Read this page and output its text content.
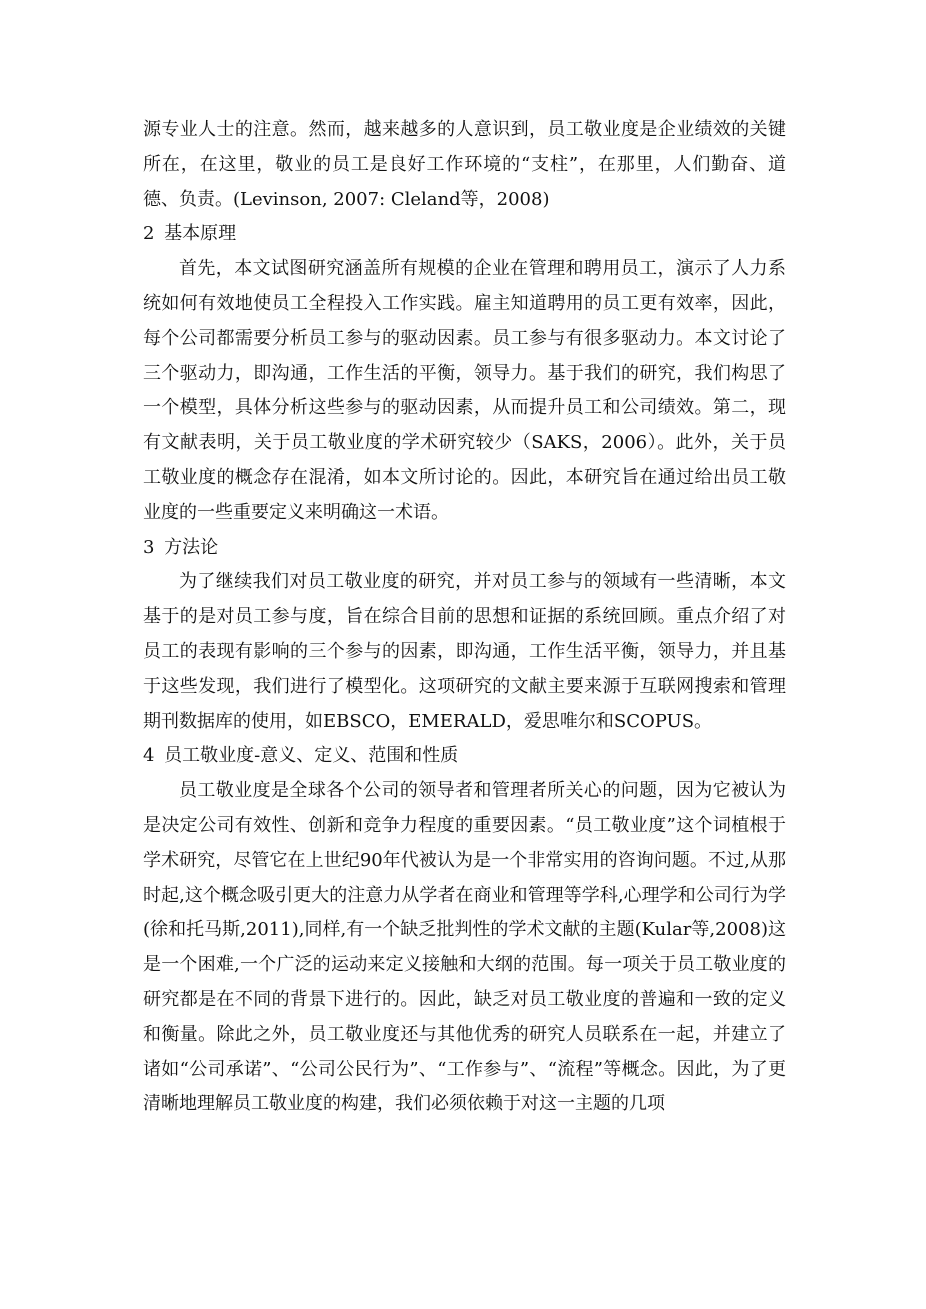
源专业人士的注意。然而，越来越多的人意识到，员工敬业度是企业绩效的关键所在，在这里，敬业的员工是良好工作环境的“支柱”，在那里，人们勤奋、道德、负责。(Levinson, 2007: Cleland等，2008)

2 基本原理

首先，本文试图研究涵盖所有规模的企业在管理和聘用员工，演示了人力系统如何有效地使员工全程投入工作实践。雇主知道聘用的员工更有效率，因此，每个公司都需要分析员工参与的驱动因素。员工参与有很多驱动力。本文讨论了三个驱动力，即沟通，工作生活的平衡，领导力。基于我们的研究，我们构思了一个模型，具体分析这些参与的驱动因素，从而提升员工和公司绩效。第二，现有文献表明，关于员工敬业度的学术研究较少（SAKS，2006）。此外，关于员工敬业度的概念存在混淆，如本文所讨论的。因此，本研究旨在通过给出员工敬业度的一些重要定义来明确这一术语。

3 方法论

为了继续我们对员工敬业度的研究，并对员工参与的领域有一些清晰，本文基于的是对员工参与度，旨在综合目前的思想和证据的系统回顾。重点介绍了对员工的表现有影响的三个参与的因素，即沟通，工作生活平衡，领导力，并且基于这些发现，我们进行了模型化。这项研究的文献主要来源于互联网搜索和管理期刊数据库的使用，如EBSCO，EMERALD，爱思唯尔和SCOPUS。

4 员工敬业度-意义、定义、范围和性质

员工敬业度是全球各个公司的领导者和管理者所关心的问题，因为它被认为是决定公司有效性、创新和竞争力程度的重要因素。“员工敬业度”这个词植根于学术研究，尽管它在上世纪90年代被认为是一个非常实用的咨询问题。不过,从那时起,这个概念吸引更大的注意力从学者在商业和管理等学科,心理学和公司行为学(徐和托马斯,2011),同样,有一个缺乏批判性的学术文献的主题(Kular等,2008)这是一个困难,一个广泛的运动来定义接触和大纲的范围。每一项关于员工敬业度的研究都是在不同的背景下进行的。因此，缺乏对员工敬业度的普遍和一致的定义和衡量。除此之外，员工敬业度还与其他优秀的研究人员联系在一起，并建立了诸如“公司承诺”、“公司公民行为”、“工作参与”、“流程”等概念。因此，为了更清晰地理解员工敬业度的构建，我们必须依赖于对这一主题的几项
